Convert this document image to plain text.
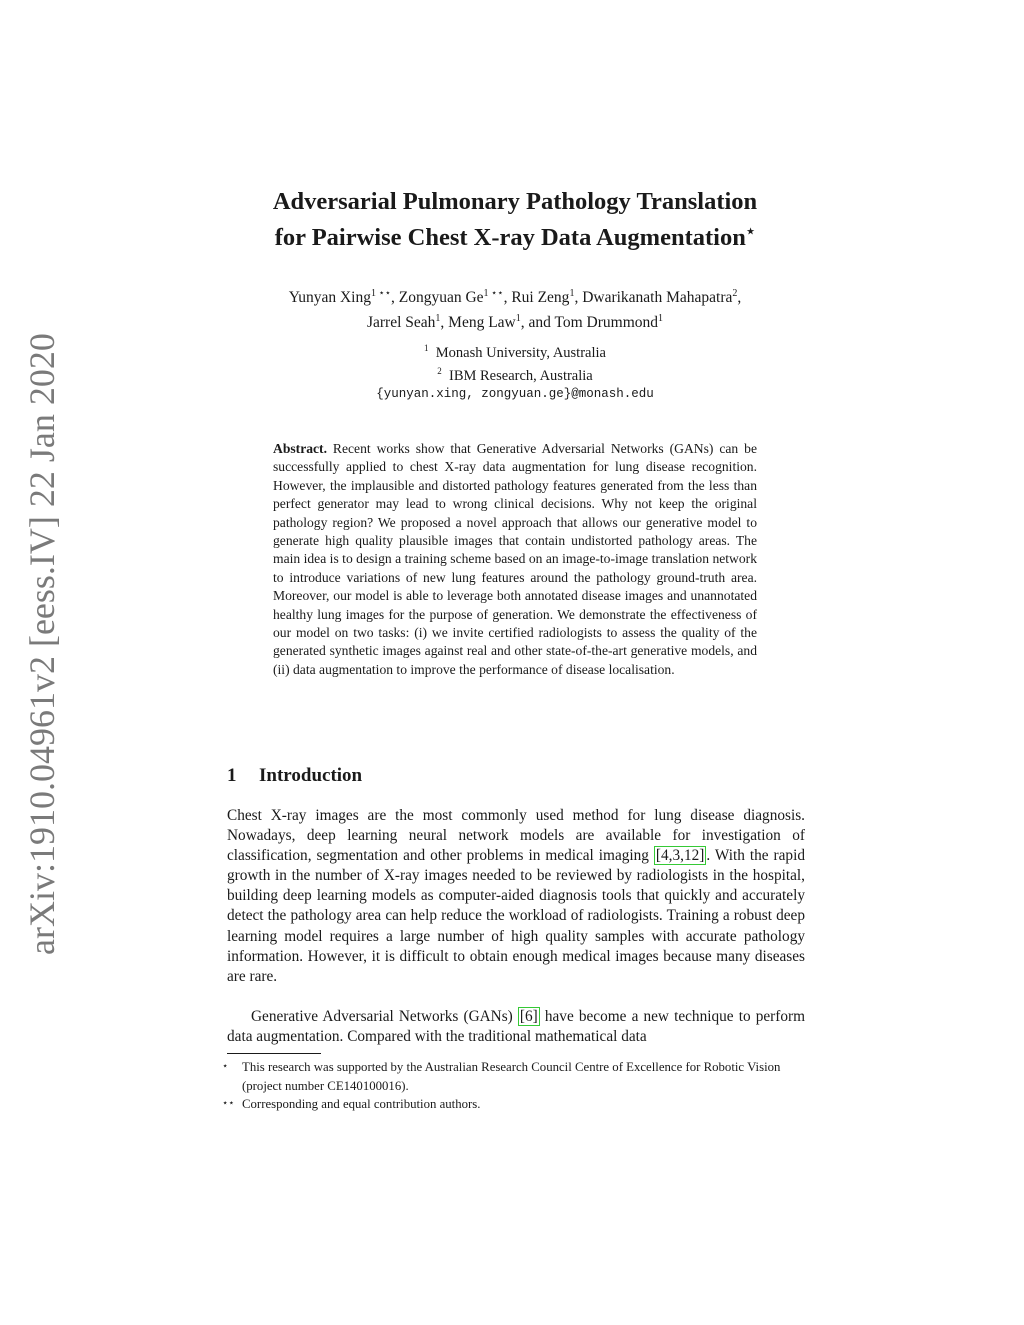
arXiv:1910.04961v2 [eess.IV] 22 Jan 2020
Adversarial Pulmonary Pathology Translation
for Pairwise Chest X-ray Data Augmentation⋆
Yunyan Xing$^{1 ⋆⋆}$, Zongyuan $Ge^{1 ⋆⋆}$, Rui Zeng$^1$, Dwarikanath Mahapatra$^2$,
Jarrel Seah$^1$, Meng Law$^1$, and Tom Drummond$^1$
$^1$ Monash University, Australia
$^2$ IBM Research, Australia
{yunyan.xing, zongyuan.ge}@monash.edu
Abstract. Recent works show that Generative Adversarial Networks (GANs) can be successfully applied to chest X-ray data augmentation for lung disease recognition. However, the implausible and distorted pathology features generated from the less than perfect generator may lead to wrong clinical decisions. Why not keep the original pathology region? We proposed a novel approach that allows our generative model to generate high quality plausible images that contain undistorted pathology areas. The main idea is to design a training scheme based on an image-to-image translation network to introduce variations of new lung features around the pathology ground-truth area. Moreover, our model is able to leverage both annotated disease images and unannotated healthy lung images for the purpose of generation. We demonstrate the effectiveness of our model on two tasks: (i) we invite certified radiologists to assess the quality of the generated synthetic images against real and other state-of-the-art generative models, and (ii) data augmentation to improve the performance of disease localisation.
1 Introduction
Chest X-ray images are the most commonly used method for lung disease diagnosis. Nowadays, deep learning neural network models are available for investigation of classification, segmentation and other problems in medical imaging [4,3,12] . With the rapid growth in the number of X-ray images needed to be reviewed by radiologists in the hospital, building deep learning models as computer-aided diagnosis tools that quickly and accurately detect the pathology area can help reduce the workload of radiologists. Training a robust deep learning model requires a large number of high quality samples with accurate pathology information. However, it is difficult to obtain enough medical images because many diseases are rare.
Generative Adversarial Networks (GANs) [6] have become a new technique to perform data augmentation. Compared with the traditional mathematical data
⋆ This research was supported by the Australian Research Council Centre of Excellence for Robotic Vision (project number CE140100016).
⋆⋆ Corresponding and equal contribution authors.
